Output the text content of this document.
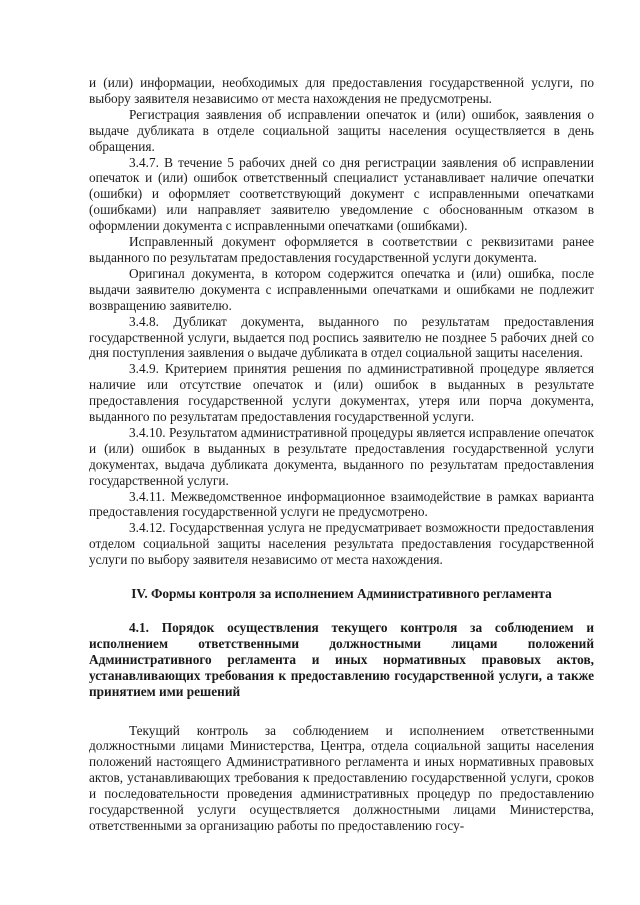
и (или) информации, необходимых для предоставления государственной услуги, по выбору заявителя независимо от места нахождения не предусмотрены.

Регистрация заявления об исправлении опечаток и (или) ошибок, заявления о выдаче дубликата в отделе социальной защиты населения осуществляется в день обращения.

3.4.7. В течение 5 рабочих дней со дня регистрации заявления об исправлении опечаток и (или) ошибок ответственный специалист устанавливает наличие опечатки (ошибки) и оформляет соответствующий документ с исправленными опечатками (ошибками) или направляет заявителю уведомление с обоснованным отказом в оформлении документа с исправленными опечатками (ошибками).

Исправленный документ оформляется в соответствии с реквизитами ранее выданного по результатам предоставления государственной услуги документа.

Оригинал документа, в котором содержится опечатка и (или) ошибка, после выдачи заявителю документа с исправленными опечатками и ошибками не подлежит возвращению заявителю.

3.4.8. Дубликат документа, выданного по результатам предоставления государственной услуги, выдается под роспись заявителю не позднее 5 рабочих дней со дня поступления заявления о выдаче дубликата в отдел социальной защиты населения.

3.4.9. Критерием принятия решения по административной процедуре является наличие или отсутствие опечаток и (или) ошибок в выданных в результате предоставления государственной услуги документах, утеря или порча документа, выданного по результатам предоставления государственной услуги.

3.4.10. Результатом административной процедуры является исправление опечаток и (или) ошибок в выданных в результате предоставления государственной услуги документах, выдача дубликата документа, выданного по результатам предоставления государственной услуги.

3.4.11. Межведомственное информационное взаимодействие в рамках варианта предоставления государственной услуги не предусмотрено.

3.4.12. Государственная услуга не предусматривает возможности предоставления отделом социальной защиты населения результата предоставления государственной услуги по выбору заявителя независимо от места нахождения.

IV. Формы контроля за исполнением Административного регламента
4.1. Порядок осуществления текущего контроля за соблюдением и исполнением ответственными должностными лицами положений Административного регламента и иных нормативных правовых актов, устанавливающих требования к предоставлению государственной услуги, а также принятием ими решений

Текущий контроль за соблюдением и исполнением ответственными должностными лицами Министерства, Центра, отдела социальной защиты населения положений настоящего Административного регламента и иных нормативных правовых актов, устанавливающих требования к предоставлению государственной услуги, сроков и последовательности проведения административных процедур по предоставлению государственной услуги осуществляется должностными лицами Министерства, ответственными за организацию работы по предоставлению госу-
